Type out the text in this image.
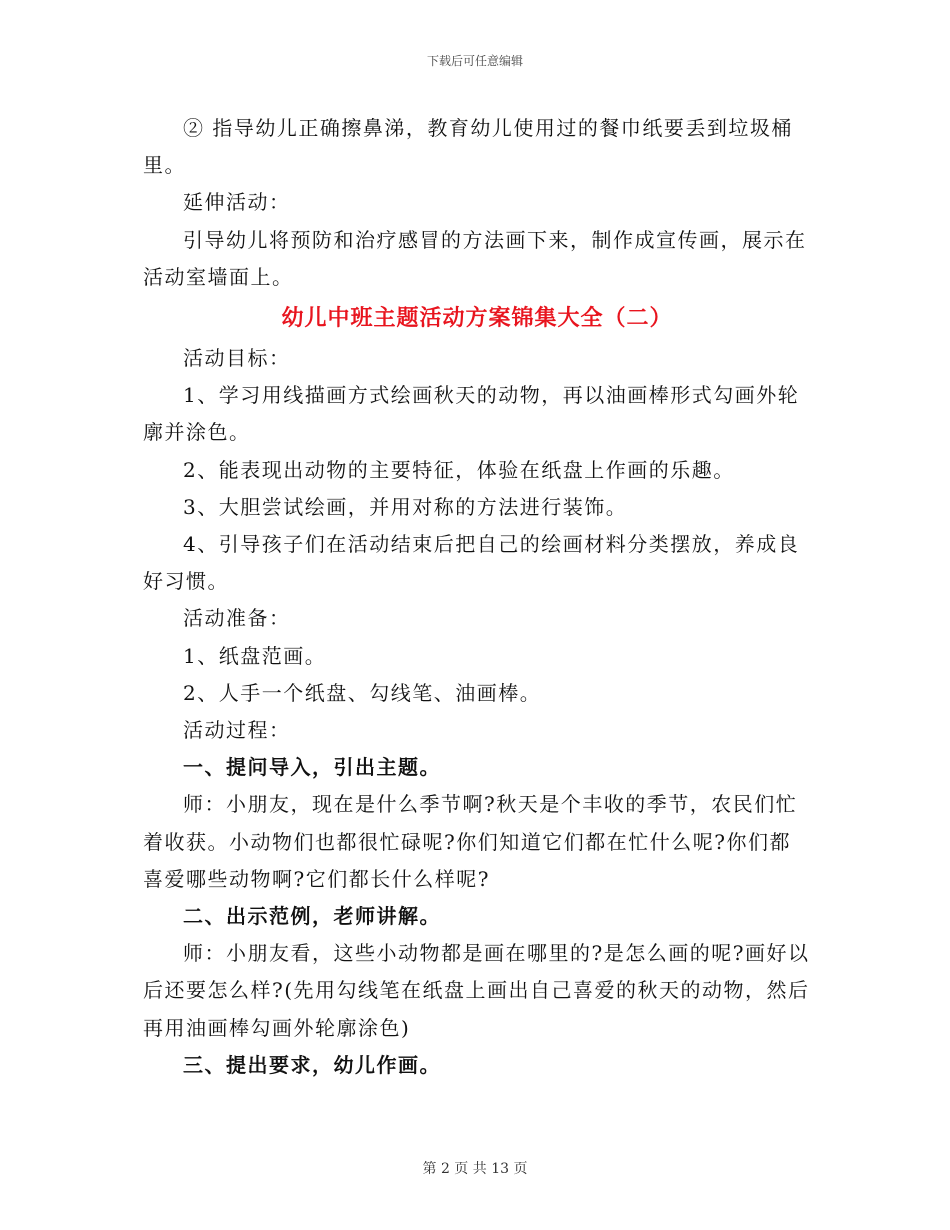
下载后可任意编辑

② 指导幼儿正确擦鼻涕，教育幼儿使用过的餐巾纸要丢到垃圾桶里。

延伸活动：

引导幼儿将预防和治疗感冒的方法画下来，制作成宣传画，展示在活动室墙面上。

幼儿中班主题活动方案锦集大全（二）

活动目标：

1、学习用线描画方式绘画秋天的动物，再以油画棒形式勾画外轮廓并涂色。

2、能表现出动物的主要特征，体验在纸盘上作画的乐趣。

3、大胆尝试绘画，并用对称的方法进行装饰。

4、引导孩子们在活动结束后把自己的绘画材料分类摆放，养成良好习惯。

活动准备：

1、纸盘范画。

2、人手一个纸盘、勾线笔、油画棒。

活动过程：

一、提问导入，引出主题。

师：小朋友，现在是什么季节啊?秋天是个丰收的季节，农民们忙着收获。小动物们也都很忙碌呢?你们知道它们都在忙什么呢?你们都喜爱哪些动物啊?它们都长什么样呢?

二、出示范例，老师讲解。

师：小朋友看，这些小动物都是画在哪里的?是怎么画的呢?画好以后还要怎么样?(先用勾线笔在纸盘上画出自己喜爱的秋天的动物，然后再用油画棒勾画外轮廓涂色)

三、提出要求，幼儿作画。

第 2 页 共 13 页
